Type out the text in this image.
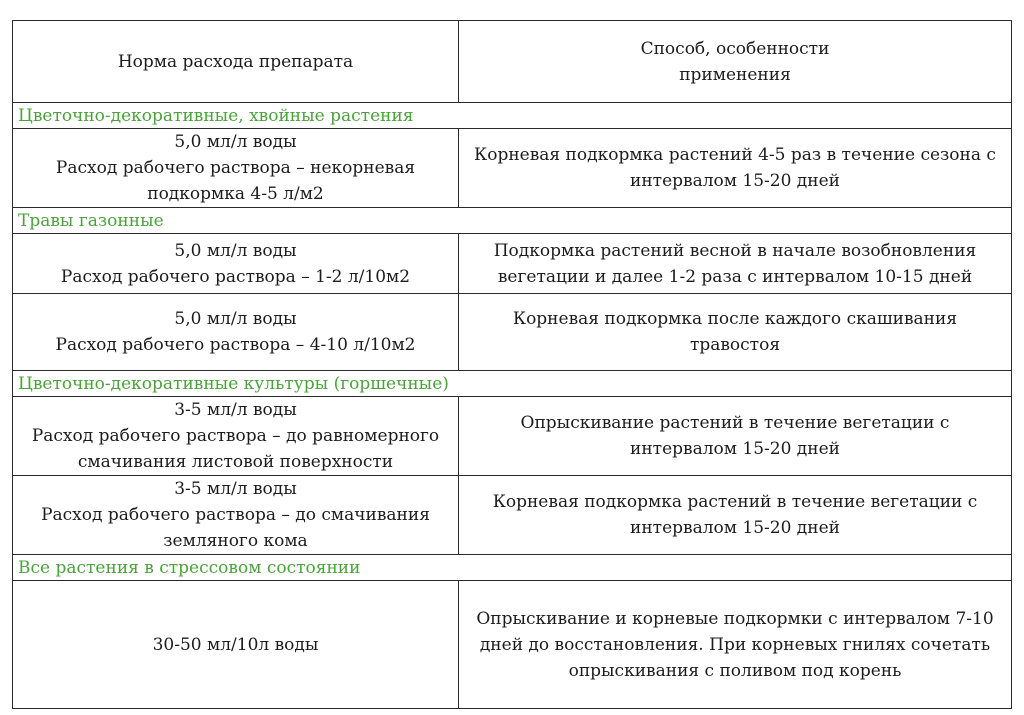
Норма расхода препарата	Способ, особенности
применения

Цветочно-декоративные, хвойные растения	

5,0 мл/л воды
Расход рабочего раствора – некорневая
подкормка 4-5 л/м2	Корневая подкормка растений 4-5 раз в течение сезона с
интервалом 15-20 дней

Травы газонные	

5,0 мл/л воды
Расход рабочего раствора – 1-2 л/10м2	Подкормка растений весной в начале возобновления
вегетации и далее 1-2 раза с интервалом 10-15 дней

5,0 мл/л воды
Расход рабочего раствора – 4-10 л/10м2	Корневая подкормка после каждого скашивания
травостоя

Цветочно-декоративные культуры (горшечные)	

3-5 мл/л воды
Расход рабочего раствора – до равномерного
смачивания листовой поверхности	Опрыскивание растений в течение вегетации с
интервалом 15-20 дней

3-5 мл/л воды
Расход рабочего раствора – до смачивания
земляного кома	Корневая подкормка растений в течение вегетации с
интервалом 15-20 дней

Все растения в стрессовом состоянии	

30-50 мл/10л воды	Опрыскивание и корневые подкормки с интервалом 7-10
дней до восстановления. При корневых гнилях сочетать
опрыскивания с поливом под корень
